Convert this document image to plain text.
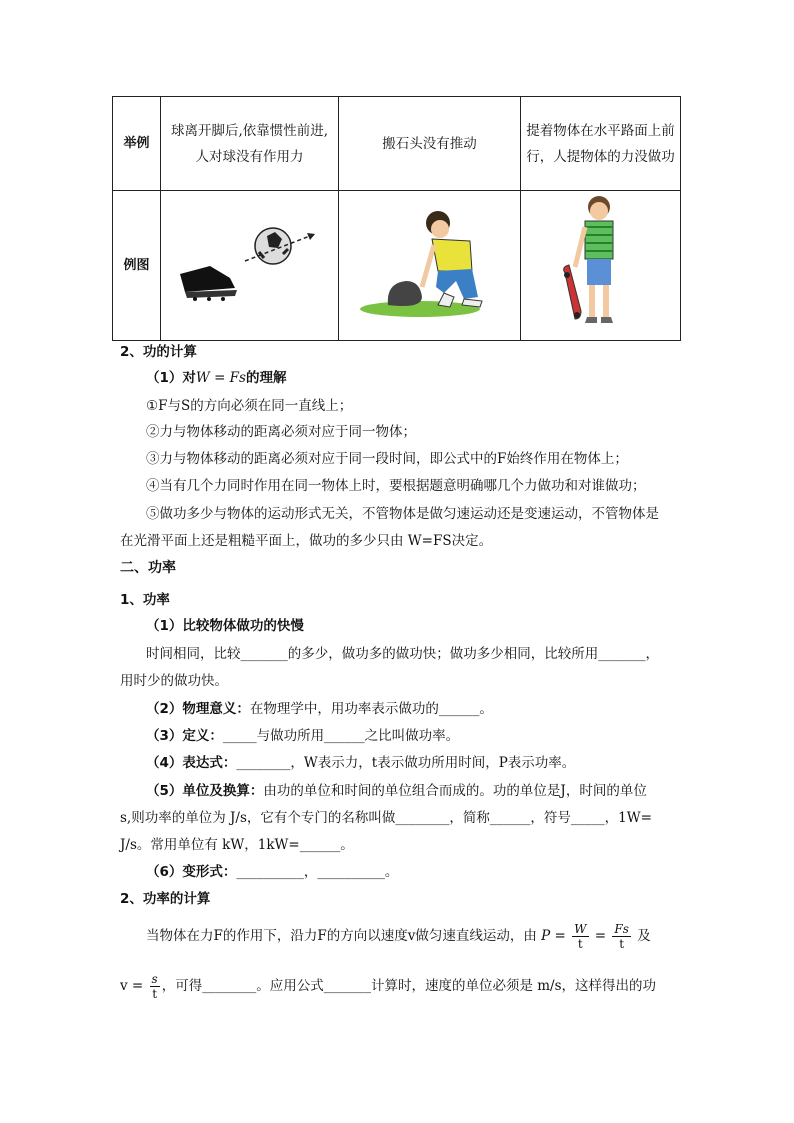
举例	球离开脚后,依靠惯性前进,人对球没有作用力	搬石头没有推动	提着物体在水平路面上前行，人提物体的力没做功
例图			
2、功的计算
（1）对W = Fs的理解
①F与S的方向必须在同一直线上；
②力与物体移动的距离必须对应于同一物体；
③力与物体移动的距离必须对应于同一段时间，即公式中的F始终作用在物体上；
④当有几个力同时作用在同一物体上时，要根据题意明确哪几个力做功和对谁做功；
⑤做功多少与物体的运动形式无关，不管物体是做匀速运动还是变速运动，不管物体是
在光滑平面上还是粗糙平面上，做功的多少只由 W=FS决定。
二、功率
1、功率
（1）比较物体做功的快慢
时间相同，比较_______的多少，做功多的做功快；做功多少相同，比较所用_______，
用时少的做功快。
（2）物理意义：在物理学中，用功率表示做功的______。
（3）定义：_____与做功所用______之比叫做功率。
（4）表达式：________，W表示力，t表示做功所用时间，P表示功率。
（5）单位及换算：由功的单位和时间的单位组合而成的。功的单位是J，时间的单位
s,则功率的单位为 J/s，它有个专门的名称叫做________，简称______，符号_____，1W=
J/s。常用单位有 kW，1kW=______。
（6）变形式：__________，__________。
2、功率的计算
当物体在力F的作用下，沿力F的方向以速度v做匀速直线运动，由 $P = \frac{W}{t} = \frac{Fs}{t}$ 及
$v = \frac{s}{t}$ ，可得________。应用公式_______计算时，速度的单位必须是 m/s，这样得出的功
